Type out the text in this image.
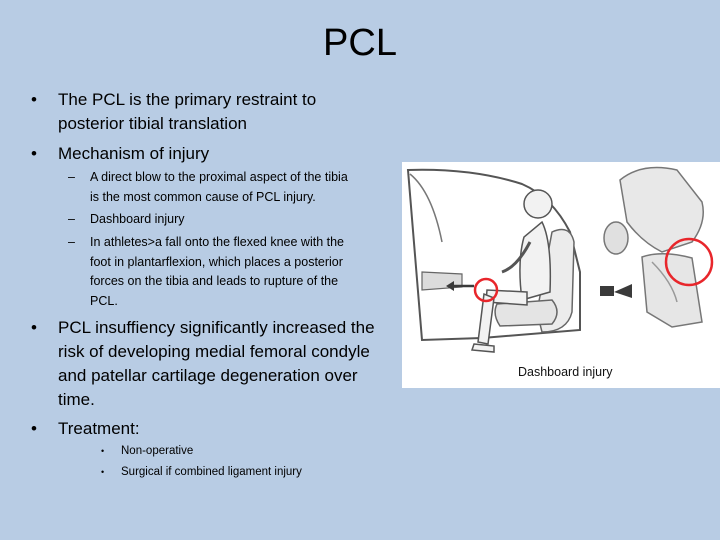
PCL
• The PCL is the primary restraint to
posterior tibial translation
• Mechanism of injury
– A direct blow to the proximal aspect of the tibia
is the most common cause of PCL injury.
– Dashboard injury
– In athletes>a fall onto the flexed knee with the
foot in plantarflexion, which places a posterior
forces on the tibia and leads to rupture of the
PCL.
• PCL insuffiency significantly increased the
risk of developing medial femoral condyle
and patellar cartilage degeneration over
time.
• Treatment:
• Non-operative
• Surgical if combined ligament injury
Dashboard injury
